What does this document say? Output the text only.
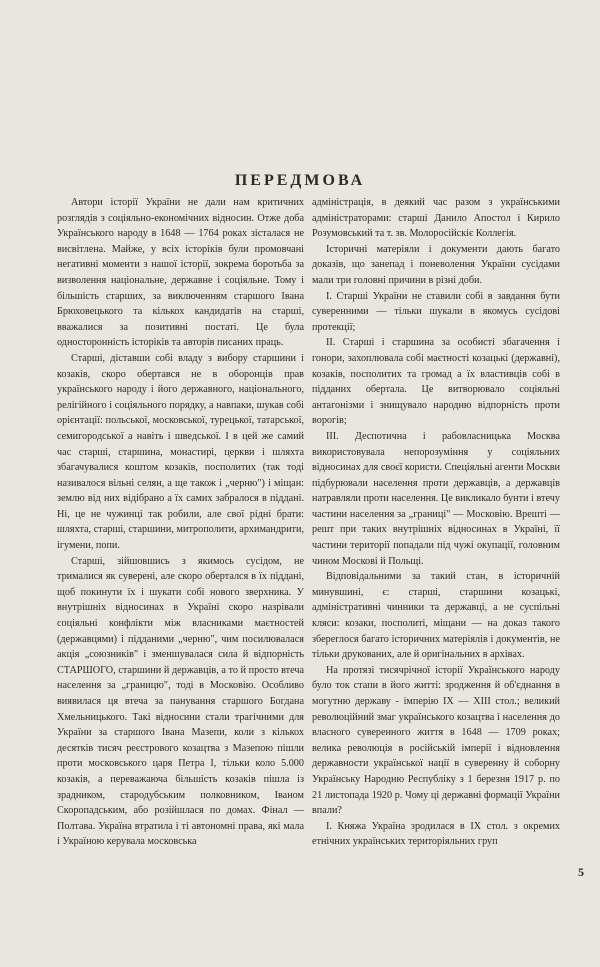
ПЕРЕДМОВА

Автори історії України не дали нам критичних розглядів з соціяльно-економічних відносин. Отже доба Українського народу в 1648 — 1764 роках зісталася не висвітлена. Майже, у всіх історіків були промовчані негативні моменти з нашої історії, зокрема боротьба за визволення національне, державне і соціяльне. Тому і більшість старших, за виключенням старшого Івана Брюховецького та кількох кандидатів на старші, вважалися за позитивні постаті. Це була односторонність історіків та авторів писаних праць.

Старші, діставши собі владу з вибору старшини і козаків, скоро обертався не в оборонців прав українського народу і його державного, національного, релігійного і соціяльного порядку, а навпаки, шукав собі орієнтації: польської, московської, турецької, татарської, семигородської а навіть і шведської. І в цей же самий час старші, старшина, монастирі, церкви і шляхта збагачувалися коштом козаків, посполитих (так тоді називалося вільні селян, а ще також і „черню") і міщан: землю від них відібрано а їх самих забралося в піддані. Ні, це не чужинці так робили, але свої рідні брати: шляхта, старші, старшини, митрополити, архимандрити, ігумени, попи.

Старші, зійшовшись з якимось сусідом, не трималися як суверені, але скоро обертался в їх піддані, щоб покинути їх і шукати собі нового зверхника. У внутрішніх відносинах в Україні скоро назрівали соціяльні конфлікти між власниками маєтностей (державцями) і підданими „черню", чим посилювалася акція „союзників" і зменшувалася сила й відпорність СТАРШОГО, старшини й державців, а то й просто втеча населення за „границю", тоді в Московію. Особливо виявилася ця втеча за панування старшого Богдана Хмельницького. Такі відносини стали трагічними для України за старшого Івана Мазепи, коли з кількох десятків тисяч реєстрового козацтва з Мазепою пішли проти московського царя Петра І, тільки коло 5.000 козаків, а переважаюча більшість козаків пішла із зрадником, стародубським полковником, Іваном Скоропадським, або розійшлася по домах. Фінал — Полтава. Україна втратила і ті автономні права, які мала і Україною керувала московська

адміністрація, в деякий час разом з українськими адміністраторами: старші Данило Апостол і Кирило Розумовський та т. зв. Молоросійскіє Коллегія.

Історичні матеріяли і документи дають багато доказів, що занепад і поневолення України сусідами мали три головні причини в різні доби.

І. Старші України не ставили собі в завдання бути суверенними — тільки шукали в якомусь сусідові протекції;

ІІ. Старші і старшина за особисті збагачення і гонори, захоплювала собі маєтності козацькі (державні), козаків, посполитих та громад а їх властивців собі в підданих обертала. Це витворювало соціяльні антагонізми і знищувало народню відпорність проти ворогів;

ІІІ. Деспотична і рабовласницька Москва використовувала непорозуміння у соціяльних відносинах для своєї користи. Спеціяльні агенти Москви підбурювали населення проти державців, а державців натравляли проти населення. Це викликало бунти і втечу частини населення за „границі" — Московію. Врешті — решт при таких внутрішніх відносинах в Україні, її частини території попадали під чужі окупації, головним чином Москові й Польщі.

Відповідальними за такий стан, в історичній минувшині, є: старші, старшини козацькі, адміністративні чинники та державці, а не суспільні кляси: козаки, посполиті, міщани — на доказ такого збереглося багато історичних матеріялів і документів, не тільки друкованих, але й оригінальних в архівах.

На протязі тисячрічної історії Українського народу було ток стапи в його житті: зродження й об'єднання в могутню державу - імперію ІХ — ХІІІ стол.; великий революційний змаг українського козацтва і населення до власного суверенного життя в 1648 — 1709 роках; велика революція в російській імперії і відновлення державности української нації в суверенну й соборну Українську Народню Республіку з 1 березня 1917 р. по 21 листопада 1920 р. Чому ці державні формації України впали?

І. Княжа Україна зродилася в ІХ стол. з окремих етнічних українських територіяльних груп

5
